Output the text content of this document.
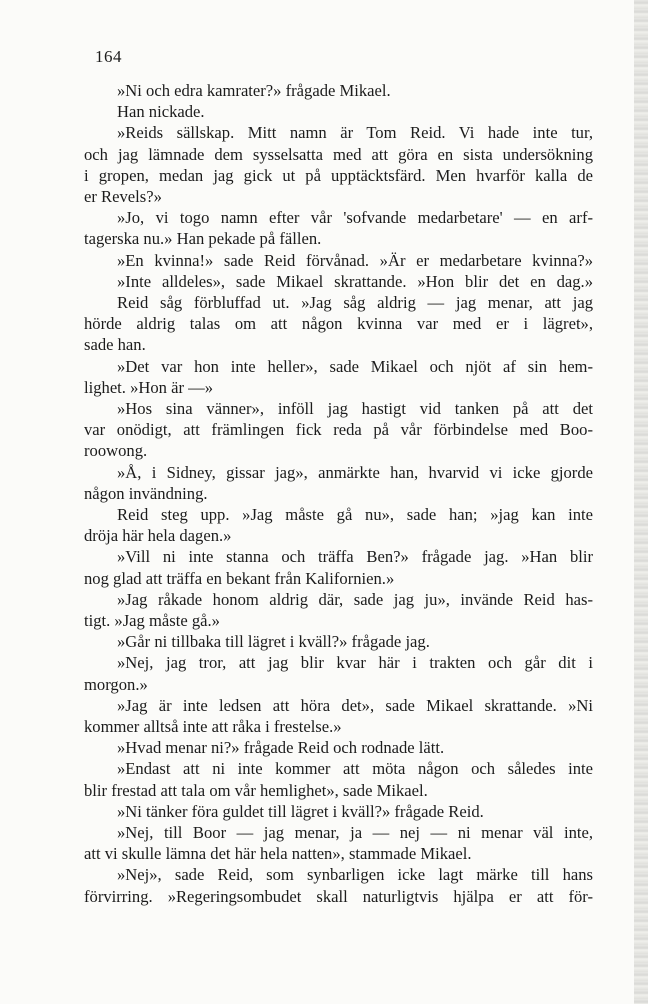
164
»Ni och edra kamrater?» frågade Mikael.
Han nickade.
»Reids sällskap. Mitt namn är Tom Reid. Vi hade inte tur,
och jag lämnade dem sysselsatta med att göra en sista undersökning
i gropen, medan jag gick ut på upptäcktsfärd. Men hvarför kalla de
er Revels?»
»Jo, vi togo namn efter vår 'sofvande medarbetare' — en arf-
tagerska nu.» Han pekade på fällen.
»En kvinna!» sade Reid förvånad. »Är er medarbetare kvinna?»
»Inte alldeles», sade Mikael skrattande. »Hon blir det en dag.»
Reid såg förbluffad ut. »Jag såg aldrig — jag menar, att jag
hörde aldrig talas om att någon kvinna var med er i lägret»,
sade han.
»Det var hon inte heller», sade Mikael och njöt af sin hem-
lighet. »Hon är —»
»Hos sina vänner», inföll jag hastigt vid tanken på att det
var onödigt, att främlingen fick reda på vår förbindelse med Boo-
roowong.
»Å, i Sidney, gissar jag», anmärkte han, hvarvid vi icke gjorde
någon invändning.
Reid steg upp. »Jag måste gå nu», sade han; »jag kan inte
dröja här hela dagen.»
»Vill ni inte stanna och träffa Ben?» frågade jag. »Han blir
nog glad att träffa en bekant från Kalifornien.»
»Jag råkade honom aldrig där, sade jag ju», invände Reid has-
tigt. »Jag måste gå.»
»Går ni tillbaka till lägret i kväll?» frågade jag.
»Nej, jag tror, att jag blir kvar här i trakten och går dit i
morgon.»
»Jag är inte ledsen att höra det», sade Mikael skrattande. »Ni
kommer alltså inte att råka i frestelse.»
»Hvad menar ni?» frågade Reid och rodnade lätt.
»Endast att ni inte kommer att möta någon och således inte
blir frestad att tala om vår hemlighet», sade Mikael.
»Ni tänker föra guldet till lägret i kväll?» frågade Reid.
»Nej, till Boor — jag menar, ja — nej — ni menar väl inte,
att vi skulle lämna det här hela natten», stammade Mikael.
»Nej», sade Reid, som synbarligen icke lagt märke till hans
förvirring. »Regeringsombudet skall naturligtvis hjälpa er att för-
